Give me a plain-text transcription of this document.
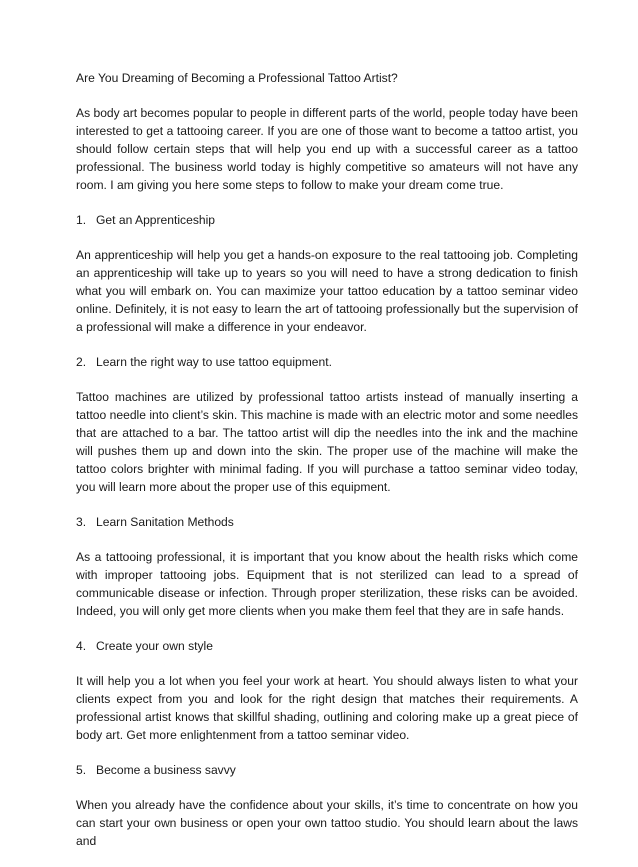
Are You Dreaming of Becoming a Professional Tattoo Artist?

As body art becomes popular to people in different parts of the world, people today have been interested to get a tattooing career. If you are one of those want to become a tattoo artist, you should follow certain steps that will help you end up with a successful career as a tattoo professional. The business world today is highly competitive so amateurs will not have any room. I am giving you here some steps to follow to make your dream come true.

1. Get an Apprenticeship

An apprenticeship will help you get a hands-on exposure to the real tattooing job. Completing an apprenticeship will take up to years so you will need to have a strong dedication to finish what you will embark on. You can maximize your tattoo education by a tattoo seminar video online. Definitely, it is not easy to learn the art of tattooing professionally but the supervision of a professional will make a difference in your endeavor.

2. Learn the right way to use tattoo equipment.

Tattoo machines are utilized by professional tattoo artists instead of manually inserting a tattoo needle into client’s skin. This machine is made with an electric motor and some needles that are attached to a bar. The tattoo artist will dip the needles into the ink and the machine will pushes them up and down into the skin. The proper use of the machine will make the tattoo colors brighter with minimal fading. If you will purchase a tattoo seminar video today, you will learn more about the proper use of this equipment.

3. Learn Sanitation Methods

As a tattooing professional, it is important that you know about the health risks which come with improper tattooing jobs. Equipment that is not sterilized can lead to a spread of communicable disease or infection. Through proper sterilization, these risks can be avoided. Indeed, you will only get more clients when you make them feel that they are in safe hands.

4. Create your own style

It will help you a lot when you feel your work at heart. You should always listen to what your clients expect from you and look for the right design that matches their requirements. A professional artist knows that skillful shading, outlining and coloring make up a great piece of body art. Get more enlightenment from a tattoo seminar video.

5. Become a business savvy

When you already have the confidence about your skills, it’s time to concentrate on how you can start your own business or open your own tattoo studio. You should learn about the laws and
